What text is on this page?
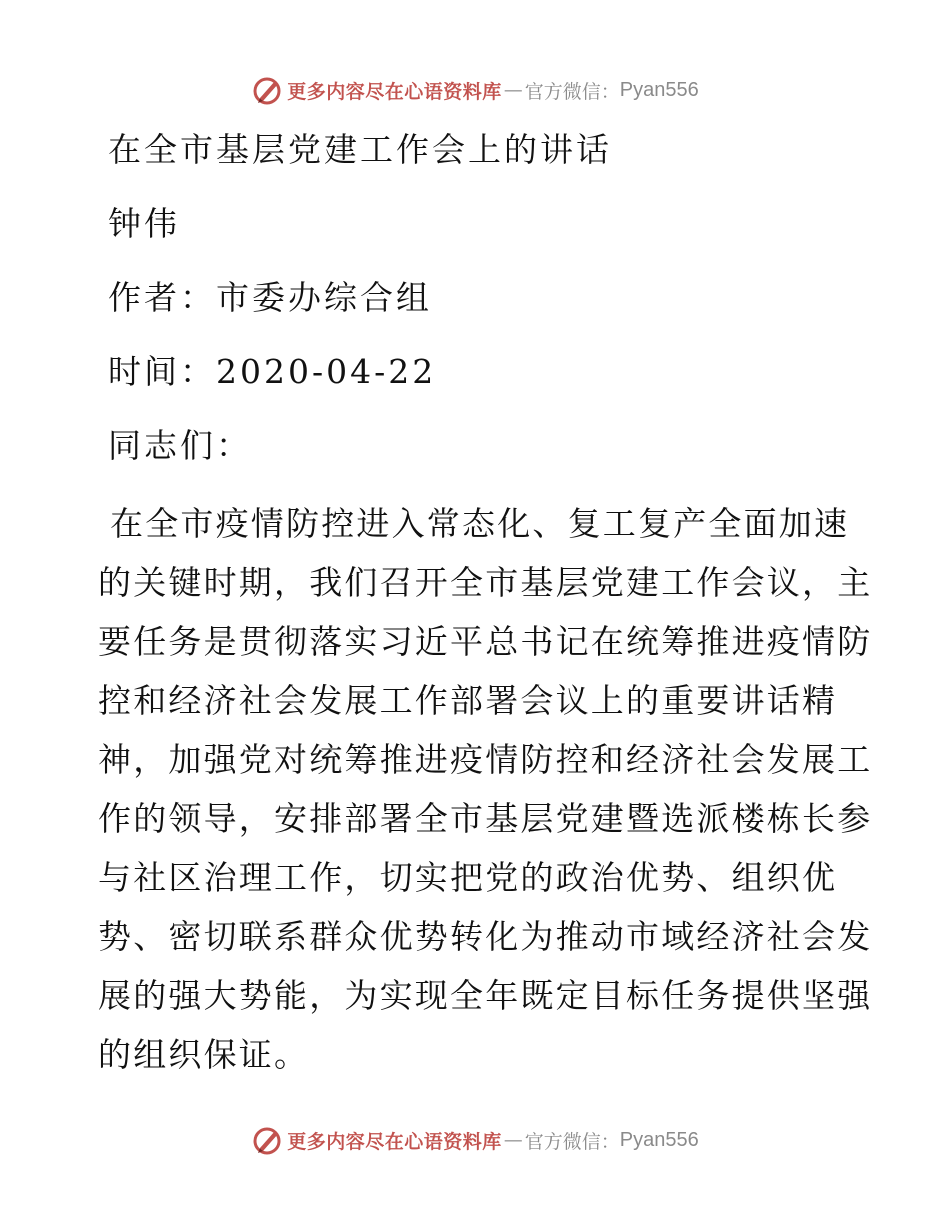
更多内容尽在心语资料库 — 官方微信： Pyan556
在全市基层党建工作会上的讲话
钟伟
作者：市委办综合组
时间：2020-04-22
同志们：
在全市疫情防控进入常态化、复工复产全面加速
的关键时期，我们召开全市基层党建工作会议，主
要任务是贯彻落实习近平总书记在统筹推进疫情防
控和经济社会发展工作部署会议上的重要讲话精
神，加强党对统筹推进疫情防控和经济社会发展工
作的领导，安排部署全市基层党建暨选派楼栋长参
与社区治理工作，切实把党的政治优势、组织优
势、密切联系群众优势转化为推动市域经济社会发
展的强大势能，为实现全年既定目标任务提供坚强
的组织保证。
更多内容尽在心语资料库 — 官方微信： Pyan556
